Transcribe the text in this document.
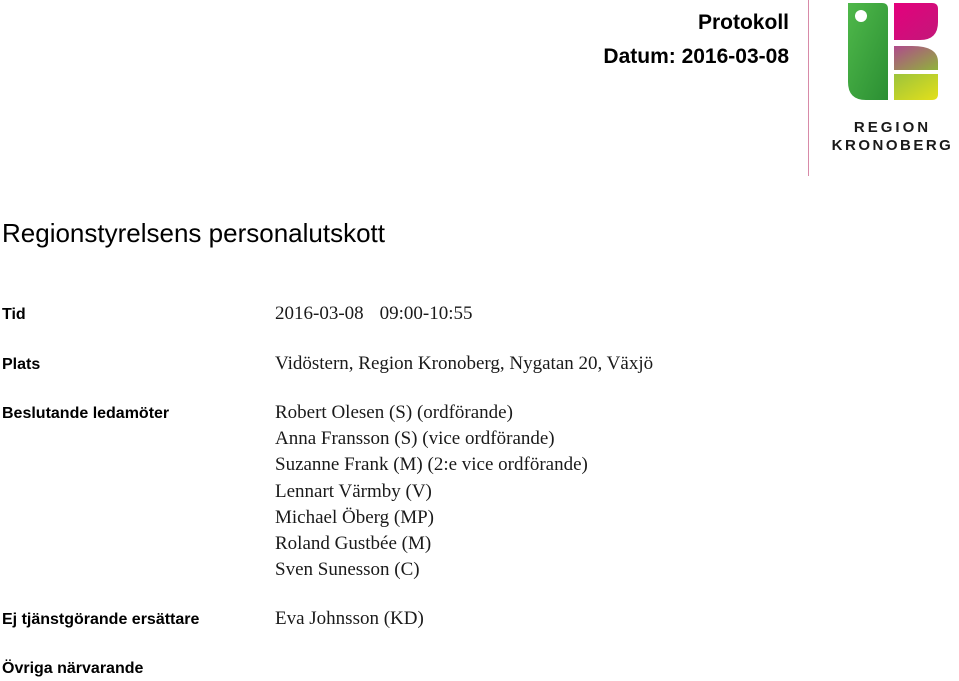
Protokoll
Datum: 2016-03-08
REGION
KRONOBERG
Regionstyrelsens personalutskott
Tid	2016-03-08 09:00-10:55
Plats	Vidöstern, Region Kronoberg, Nygatan 20, Växjö
Beslutande ledamöter	Robert Olesen (S) (ordförande)
Anna Fransson (S) (vice ordförande)
Suzanne Frank (M) (2:e vice ordförande)
Lennart Värmby (V)
Michael Öberg (MP)
Roland Gustbée (M)
Sven Sunesson (C)
Ej tjänstgörande ersättare	Eva Johnsson (KD)
Övriga närvarande
